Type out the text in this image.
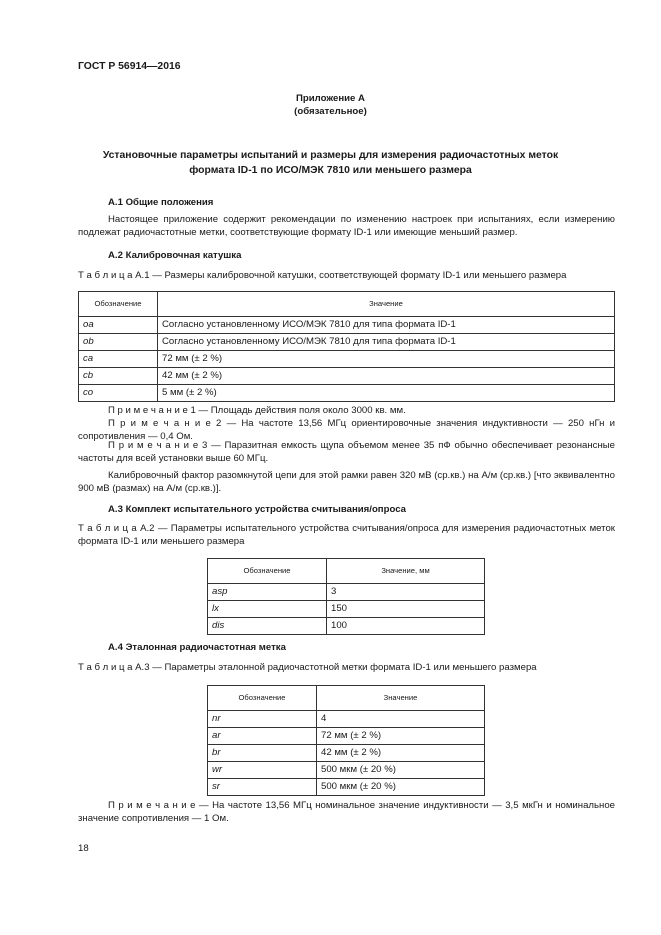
ГОСТ Р 56914—2016
Приложение А
(обязательное)
Установочные параметры испытаний и размеры для измерения радиочастотных меток
формата ID-1 по ИСО/МЭК 7810 или меньшего размера
А.1 Общие положения
Настоящее приложение содержит рекомендации по изменению настроек при испытаниях, если измерению подлежат радиочастотные метки, соответствующие формату ID-1 или имеющие меньший размер.
А.2 Калибровочная катушка
Т а б л и ц а А.1 — Размеры калибровочной катушки, соответствующей формату ID-1 или меньшего размера
Обозначение	Значение
oa	Согласно установленному ИСО/МЭК 7810 для типа формата ID-1
ob	Согласно установленному ИСО/МЭК 7810 для типа формата ID-1
ca	72 мм (± 2 %)
cb	42 мм (± 2 %)
co	5 мм (± 2 %)
П р и м е ч а н и е 1 — Площадь действия поля около 3000 кв. мм.
П р и м е ч а н и е 2 — На частоте 13,56 МГц ориентировочные значения индуктивности — 250 нГн и сопротивления — 0,4 Ом.
П р и м е ч а н и е 3 — Паразитная емкость щупа объемом менее 35 пФ обычно обеспечивает резонансные частоты для всей установки выше 60 МГц.
Калибровочный фактор разомкнутой цепи для этой рамки равен 320 мВ (ср.кв.) на А/м (ср.кв.) [что эквивалентно 900 мВ (размах) на А/м (ср.кв.)].
А.3 Комплект испытательного устройства считывания/опроса
Т а б л и ц а А.2 — Параметры испытательного устройства считывания/опроса для измерения радиочастотных меток формата ID-1 или меньшего размера
Обозначение	Значение, мм
asp	3
lx	150
dis	100
А.4 Эталонная радиочастотная метка
Т а б л и ц а А.3 — Параметры эталонной радиочастотной метки формата ID-1 или меньшего размера
Обозначение	Значение
nr	4
ar	72 мм (± 2 %)
br	42 мм (± 2 %)
wr	500 мкм (± 20 %)
sr	500 мкм (± 20 %)
П р и м е ч а н и е — На частоте 13,56 МГц номинальное значение индуктивности — 3,5 мкГн и номинальное значение сопротивления — 1 Ом.
18
